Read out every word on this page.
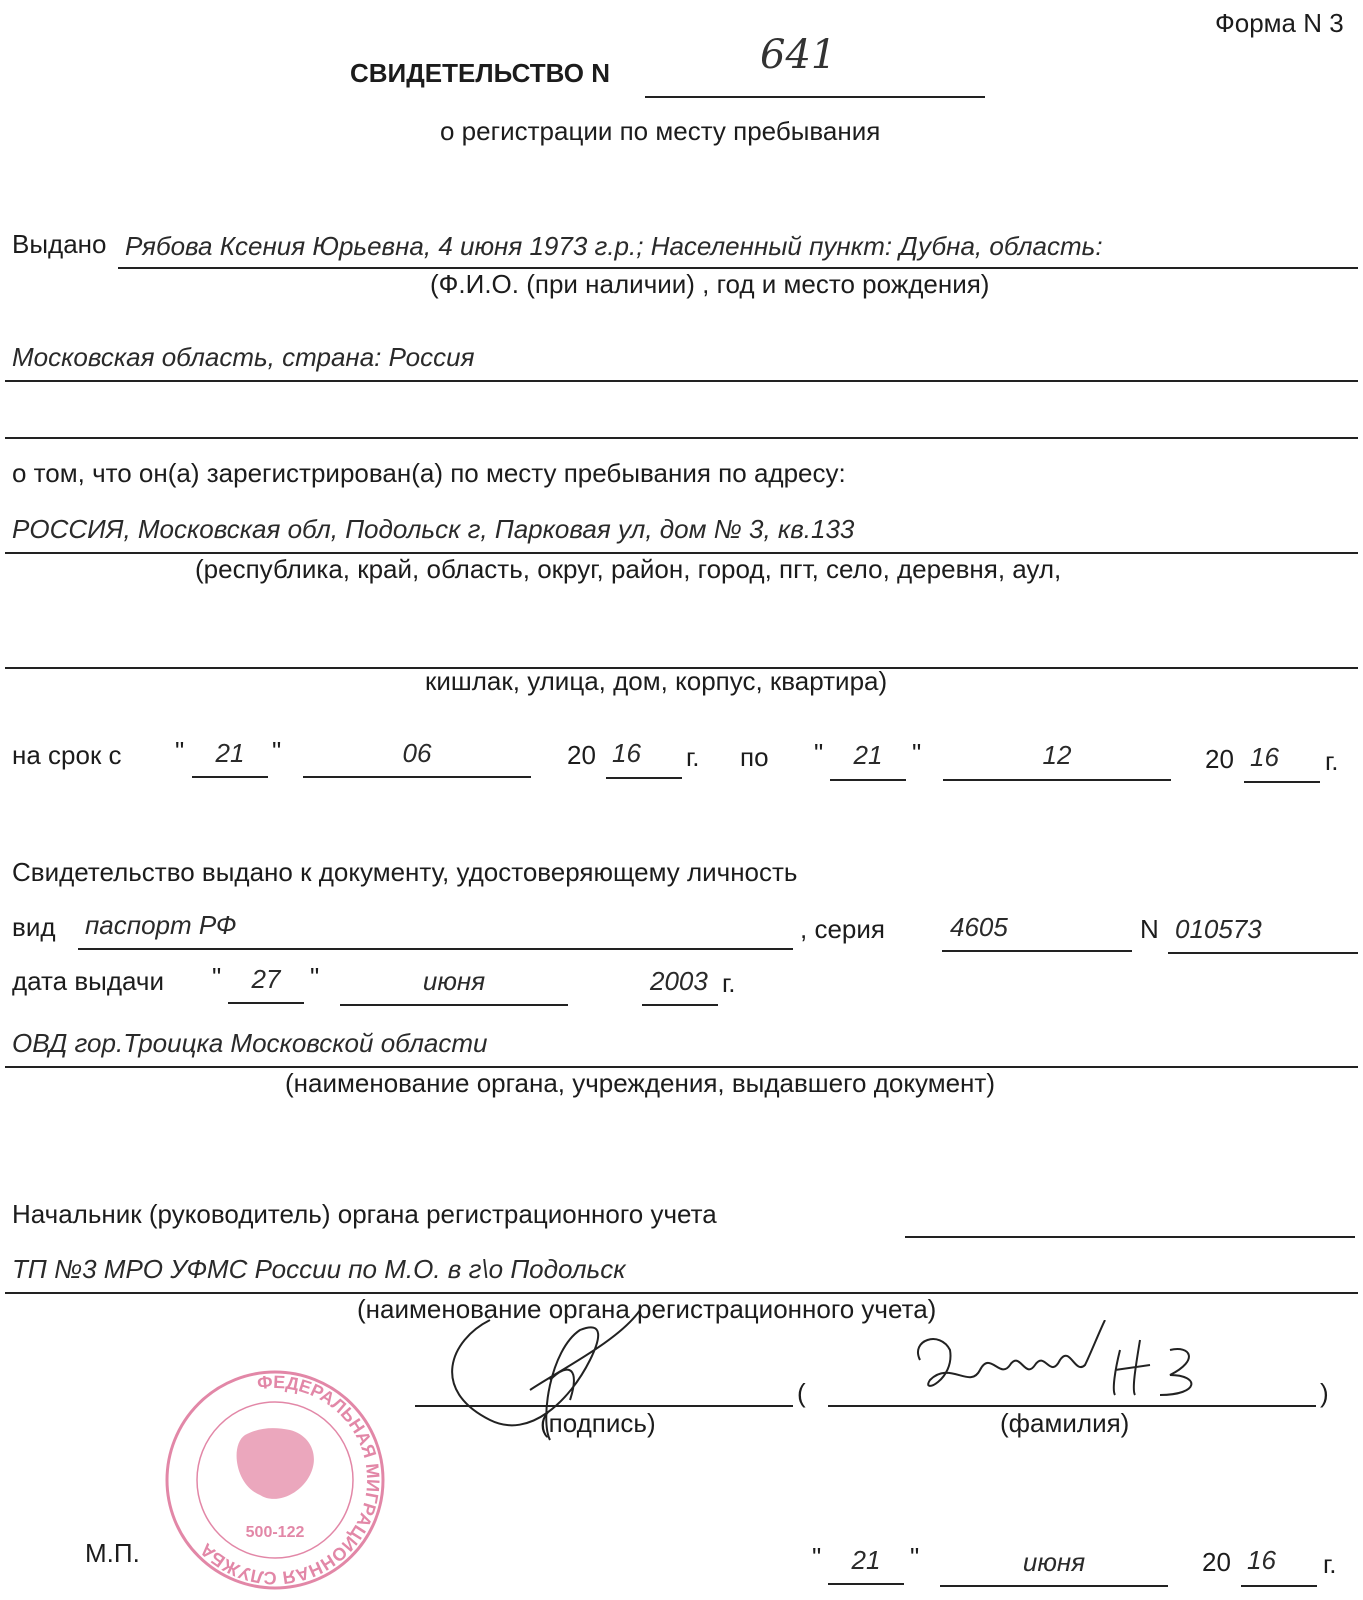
Форма N 3
СВИДЕТЕЛЬСТВО N	641
о регистрации по месту пребывания
Выдано Рябова Ксения Юрьевна, 4 июня 1973 г.р.; Населенный пункт: Дубна, область:
(Ф.И.О. (при наличии) , год и место рождения)
Московская область, страна: Россия
о том, что он(а) зарегистрирован(а) по месту пребывания по адресу:
РОССИЯ, Московская обл, Подольск г, Парковая ул, дом № 3, кв.133
(республика, край, область, округ, район, город, пгт, село, деревня, аул,
кишлак, улица, дом, корпус, квартира)
на срок с "	21	"	06	20 16 г. по "	21	"	12	20 16 г.
Свидетельство выдано к документу, удостоверяющему личность
вид паспорт РФ	, серия	4605	N 010573
дата выдачи "	27	"	июня	2003 г.
ОВД гор.Троицка Московской области
(наименование органа, учреждения, выдавшего документ)
Начальник (руководитель) органа регистрационного учета
ТП №3 МРО УФМС России по М.О. в г\о Подольск
(наименование органа регистрационного учета)
(	)
(подпись)	(фамилия)
ФЕДЕРАЛЬНАЯ МИГРАЦИОННАЯ СЛУЖБА
500-122
М.П.	"	21	"	июня	20 16 г.
